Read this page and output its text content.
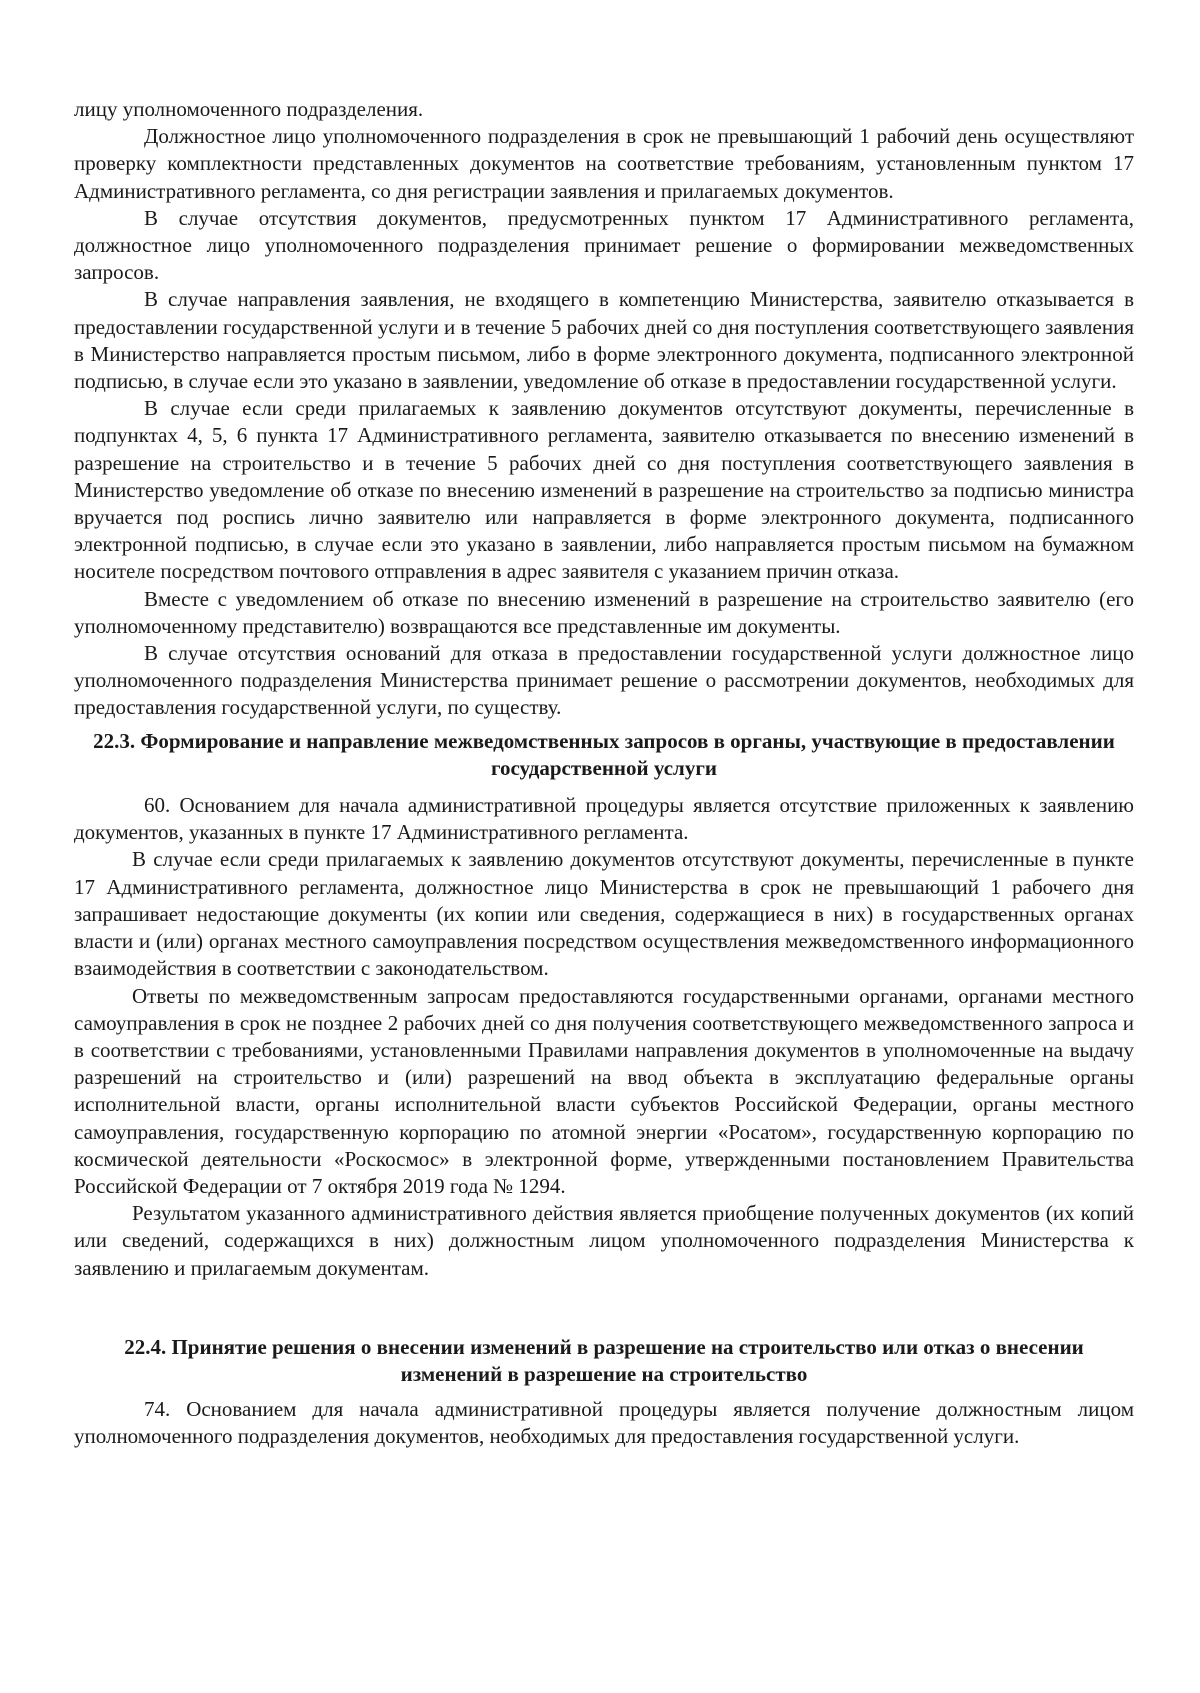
лицу уполномоченного подразделения.

Должностное лицо уполномоченного подразделения в срок не превышающий 1 рабочий день осуществляют проверку комплектности представленных документов на соответствие требованиям, установленным пунктом 17 Административного регламента, со дня регистрации заявления и прилагаемых документов.

В случае отсутствия документов, предусмотренных пунктом 17 Административного регламента, должностное лицо уполномоченного подразделения принимает решение о формировании межведомственных запросов.

В случае направления заявления, не входящего в компетенцию Министерства, заявителю отказывается в предоставлении государственной услуги и в течение 5 рабочих дней со дня поступления соответствующего заявления в Министерство направляется простым письмом, либо в форме электронного документа, подписанного электронной подписью, в случае если это указано в заявлении, уведомление об отказе в предоставлении государственной услуги.

В случае если среди прилагаемых к заявлению документов отсутствуют документы, перечисленные в подпунктах 4, 5, 6 пункта 17 Административного регламента, заявителю отказывается по внесению изменений в разрешение на строительство и в течение 5 рабочих дней со дня поступления соответствующего заявления в Министерство уведомление об отказе по внесению изменений в разрешение на строительство за подписью министра вручается под роспись лично заявителю или направляется в форме электронного документа, подписанного электронной подписью, в случае если это указано в заявлении, либо направляется простым письмом на бумажном носителе посредством почтового отправления в адрес заявителя с указанием причин отказа.

Вместе с уведомлением об отказе по внесению изменений в разрешение на строительство заявителю (его уполномоченному представителю) возвращаются все представленные им документы.

В случае отсутствия оснований для отказа в предоставлении государственной услуги должностное лицо уполномоченного подразделения Министерства принимает решение о рассмотрении документов, необходимых для предоставления государственной услуги, по существу.

22.3. Формирование и направление межведомственных запросов в органы, участвующие в предоставлении государственной услуги

60. Основанием для начала административной процедуры является отсутствие приложенных к заявлению документов, указанных в пункте 17 Административного регламента.

В случае если среди прилагаемых к заявлению документов отсутствуют документы, перечисленные в пункте 17 Административного регламента, должностное лицо Министерства в срок не превышающий 1 рабочего дня запрашивает недостающие документы (их копии или сведения, содержащиеся в них) в государственных органах власти и (или) органах местного самоуправления посредством осуществления межведомственного информационного взаимодействия в соответствии с законодательством.

Ответы по межведомственным запросам предоставляются государственными органами, органами местного самоуправления в срок не позднее 2 рабочих дней со дня получения соответствующего межведомственного запроса и в соответствии с требованиями, установленными Правилами направления документов в уполномоченные на выдачу разрешений на строительство и (или) разрешений на ввод объекта в эксплуатацию федеральные органы исполнительной власти, органы исполнительной власти субъектов Российской Федерации, органы местного самоуправления, государственную корпорацию по атомной энергии «Росатом», государственную корпорацию по космической деятельности «Роскосмос» в электронной форме, утвержденными постановлением Правительства Российской Федерации от 7 октября 2019 года № 1294.

Результатом указанного административного действия является приобщение полученных документов (их копий или сведений, содержащихся в них) должностным лицом уполномоченного подразделения Министерства к заявлению и прилагаемым документам.

22.4. Принятие решения о внесении изменений в разрешение на строительство или отказ о внесении изменений в разрешение на строительство

74. Основанием для начала административной процедуры является получение должностным лицом уполномоченного подразделения документов, необходимых для предоставления государственной услуги.
